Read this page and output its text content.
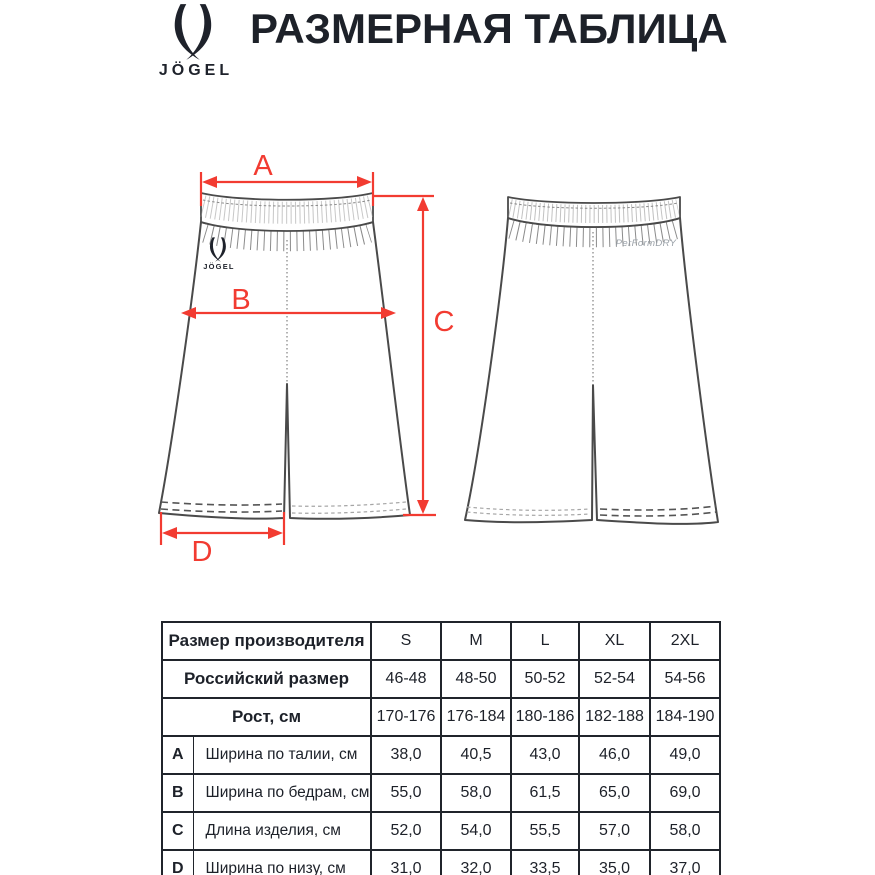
JÖGEL
РАЗМЕРНАЯ ТАБЛИЦА
JÖGEL
A
B
C
D
PerFormDRY
Размер производителя		S	M	L	XL	2XL
Российский размер		46-48	48-50	50-52	52-54	54-56
Рост, см		170-176	176-184	180-186	182-188	184-190
A	Ширина по талии, см	38,0	40,5	43,0	46,0	49,0
B	Ширина по бедрам, см	55,0	58,0	61,5	65,0	69,0
C	Длина изделия, см	52,0	54,0	55,5	57,0	58,0
D	Ширина по низу, см	31,0	32,0	33,5	35,0	37,0
